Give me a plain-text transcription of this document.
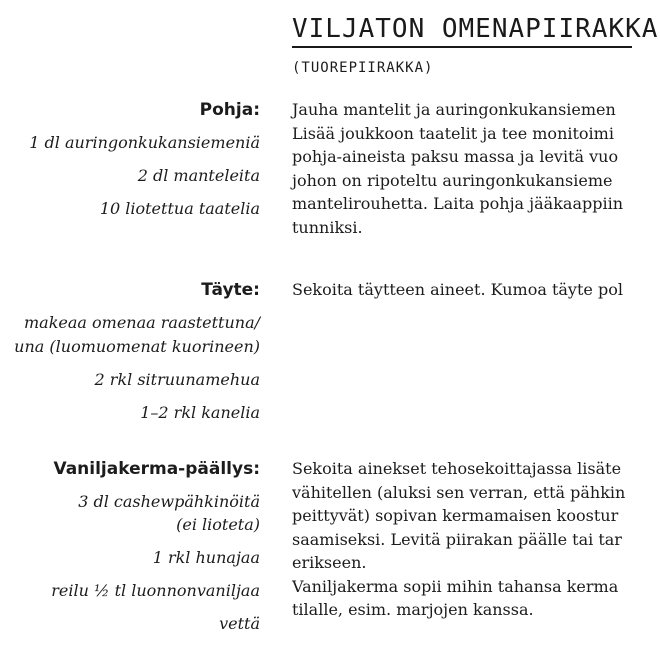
VILJATON OMENAPIIRAKKA
(TUOREPIIRAKKA)
Pohja:
1 dl auringonkukansiemeniä
2 dl manteleita
10 liotettua taatelia
Jauha mantelit ja auringonkukansiemen
Lisää joukkoon taatelit ja tee monitoimi
pohja-aineista paksu massa ja levitä vuo
johon on ripoteltu auringonkukansieme
mantelirouhetta. Laita pohja jääkaappiin
tunniksi.
Täyte:
makeaa omenaa raastettuna/
una (luomuomenat kuorineen)
2 rkl sitruunamehua
1–2 rkl kanelia
Sekoita täytteen aineet. Kumoa täyte pol
Vaniljakerma-päällys:
3 dl cashewpähkinöitä
(ei lioteta)
1 rkl hunajaa
reilu ½ tl luonnonvaniljaa
vettä
Sekoita ainekset tehosekoittajassa lisäte
vähitellen (aluksi sen verran, että pähkin
peittyvät) sopivan kermamaisen koostur
saamiseksi. Levitä piirakan päälle tai tar
erikseen.
Vaniljakerma sopii mihin tahansa kerma
tilalle, esim. marjojen kanssa.
